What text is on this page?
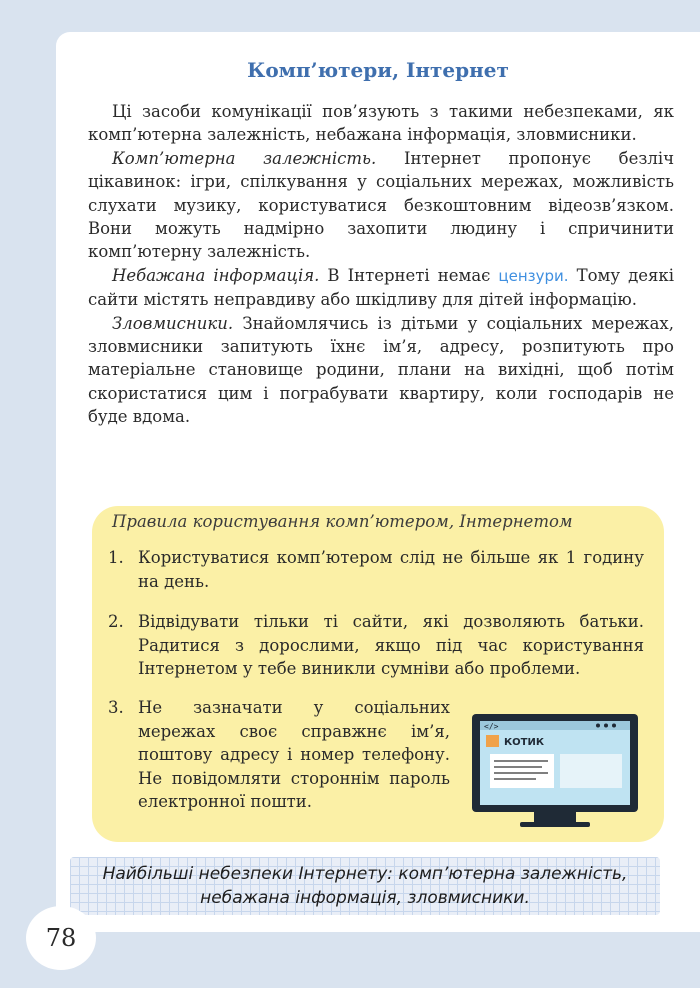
Комп’ютери, Інтернет

Ці засоби комунікації пов’язують з такими небезпеками, як комп’ютерна залежність, небажана інформація, зловмисники.

Комп’ютерна залежність. Інтернет пропонує безліч цікавинок: ігри, спілкування у соціальних мережах, можливість слухати музику, користуватися безкоштовним відеозв’язком. Вони можуть надмірно захопити людину і спричинити комп’ютерну залежність.

Небажана інформація. В Інтернеті немає цензури. Тому деякі сайти містять неправдиву або шкідливу для дітей інформацію.

Зловмисники. Знайомлячись із дітьми у соціальних мережах, зловмисники запитують їхнє ім’я, адресу, розпитують про матеріальне становище родини, плани на вихідні, щоб потім скористатися цим і пограбувати квартиру, коли господарів не буде вдома.

Правила користування комп’ютером, Інтернетом
1. Користуватися комп’ютером слід не більше як 1 годину на день.
2. Відвідувати тільки ті сайти, які дозволяють батьки. Радитися з дорослими, якщо під час користування Інтернетом у тебе виникли сумніви або проблеми.
3. Не зазначати у соціальних мережах своє справжнє ім’я, поштову адресу і номер телефону. Не повідомляти стороннім пароль електронної пошти.
</>
КОТИК
Найбільші небезпеки Інтернету: комп’ютерна залежність, небажана інформація, зловмисники.
78
